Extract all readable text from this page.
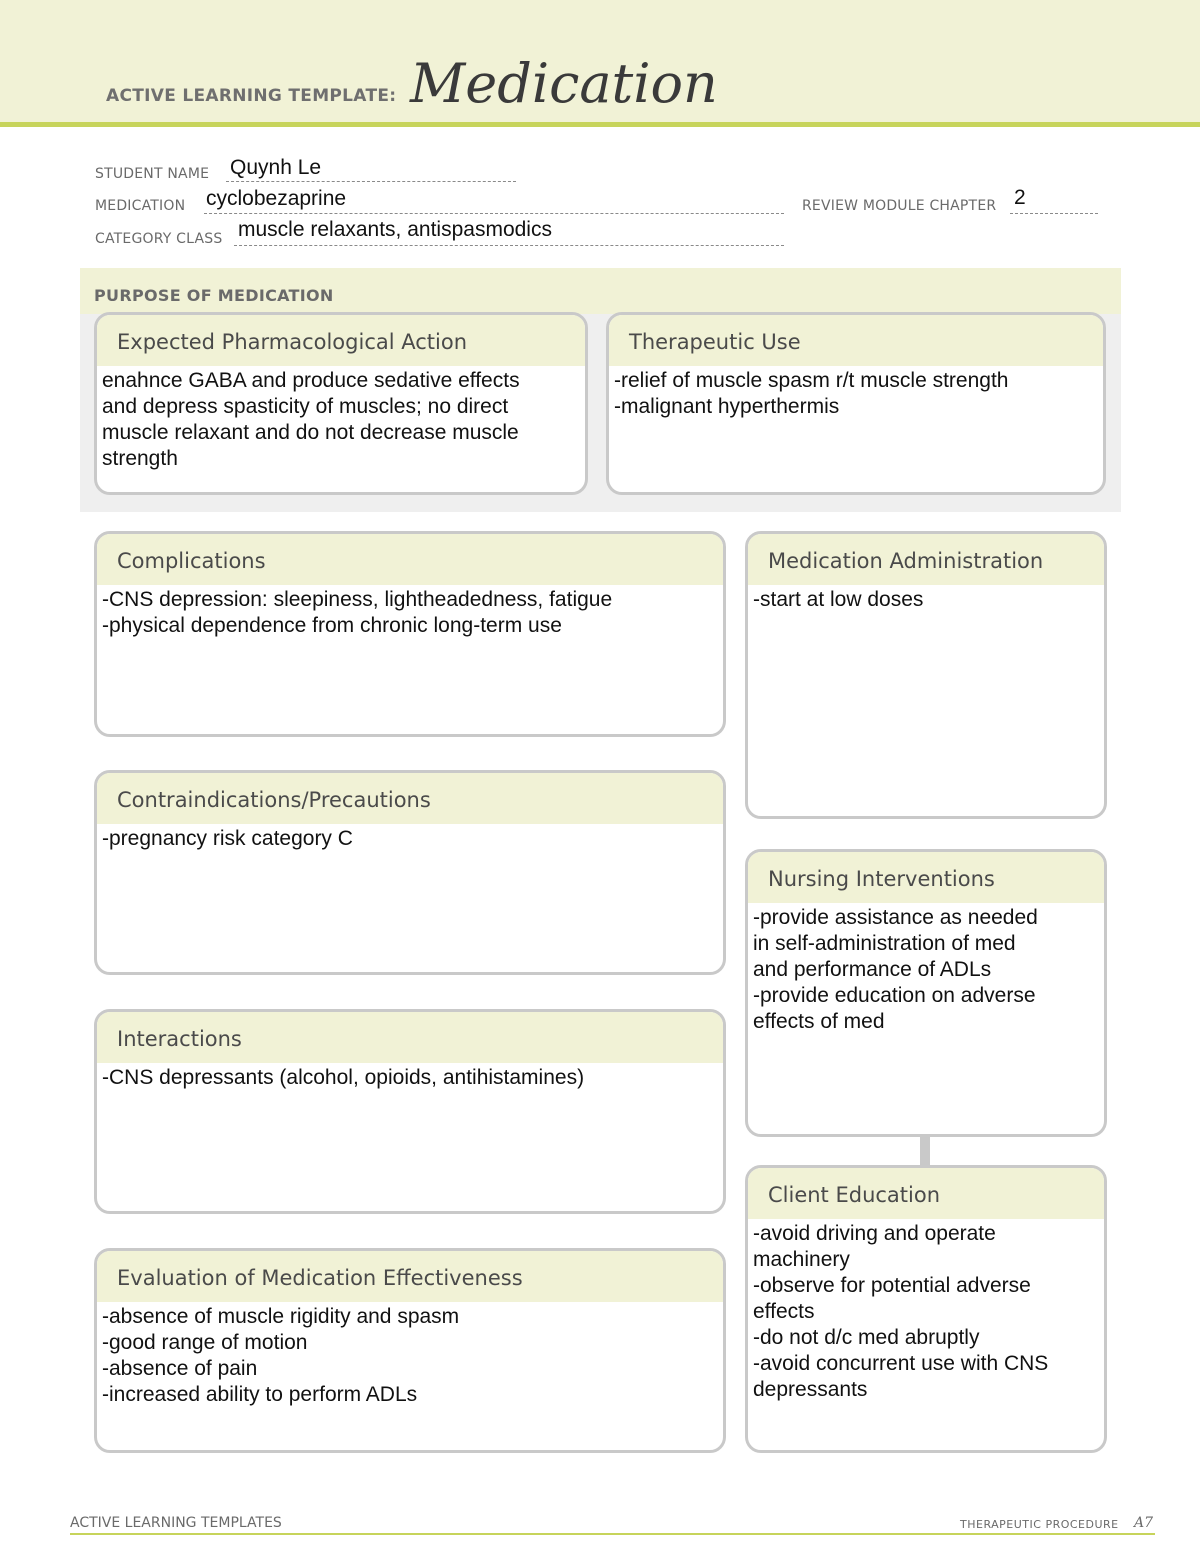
ACTIVE LEARNING TEMPLATE: Medication
STUDENT NAME Quynh Le
MEDICATION cyclobezaprine	REVIEW MODULE CHAPTER 2
CATEGORY CLASS muscle relaxants, antispasmodics
PURPOSE OF MEDICATION
Expected Pharmacological Action
enahnce GABA and produce sedative effects
and depress spasticity of muscles; no direct
muscle relaxant and do not decrease muscle
strength
Therapeutic Use
-relief of muscle spasm r/t muscle strength
-malignant hyperthermis
Complications
-CNS depression: sleepiness, lightheadedness, fatigue
-physical dependence from chronic long-term use
Contraindications/Precautions
-pregnancy risk category C
Interactions
-CNS depressants (alcohol, opioids, antihistamines)
Evaluation of Medication Effectiveness
-absence of muscle rigidity and spasm
-good range of motion
-absence of pain
-increased ability to perform ADLs
Medication Administration
-start at low doses
Nursing Interventions
-provide assistance as needed
in self-administration of med
and performance of ADLs
-provide education on adverse
effects of med
Client Education
-avoid driving and operate
machinery
-observe for potential adverse
effects
-do not d/c med abruptly
-avoid concurrent use with CNS
depressants
ACTIVE LEARNING TEMPLATES	THERAPEUTIC PROCEDURE A7
